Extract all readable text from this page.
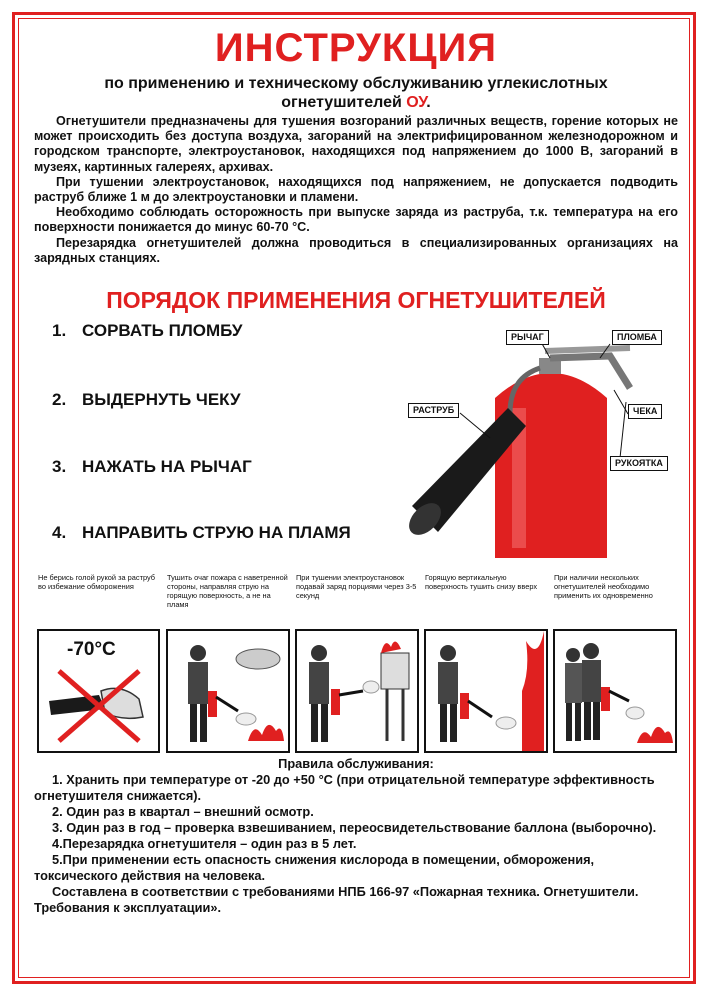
ИНСТРУКЦИЯ
по применению и техническому обслуживанию углекислотных
огнетушителей ОУ.

Огнетушители предназначены для тушения возгораний различных веществ, горение которых не может происходить без доступа воздуха, загораний на электрифицированном железнодорожном и городском транспорте, электроустановок, находящихся под напряжением до 1000 В, загораний в музеях, картинных галереях, архивах.

При тушении электроустановок, находящихся под напряжением, не допускается подводить раструб ближе 1 м до электроустановки и пламени.

Необходимо соблюдать осторожность при выпуске заряда из раструба, т.к. температура на его поверхности понижается до минус 60-70 °С.

Перезарядка огнетушителей должна проводиться в специализированных организациях на зарядных станциях.

ПОРЯДОК ПРИМЕНЕНИЯ ОГНЕТУШИТЕЛЕЙ
1. СОРВАТЬ ПЛОМБУ
2. ВЫДЕРНУТЬ ЧЕКУ
3. НАЖАТЬ НА РЫЧАГ
4. НАПРАВИТЬ СТРУЮ НА ПЛАМЯ
РЫЧАГ	ПЛОМБА
РАСТРУБ	ЧЕКА
РУКОЯТКА
Не берись голой рукой за раструб во избежание обморожения
Тушить очаг пожара с наветренной стороны, направляя струю на горящую поверхность, а не на пламя
При тушении электроустановок подавай заряд порциями через 3-5 секунд
Горящую вертикальную поверхность тушить снизу вверх
При наличии нескольких огнетушителей необходимо применить их одновременно
-70°С
Правила обслуживания:
1. Хранить при температуре от -20 до +50 °С (при отрицательной температуре эффективность огнетушителя снижается).
2. Один раз в квартал – внешний осмотр.
3. Один раз в год – проверка взвешиванием, переосвидетельствование баллона (выборочно).
4.Перезарядка огнетушителя – один раз в 5 лет.
5.При применении есть опасность снижения кислорода в помещении, обморожения, токсического действия на человека.
Составлена в соответствии с требованиями НПБ 166-97 «Пожарная техника. Огнетушители. Требования к эксплуатации».
